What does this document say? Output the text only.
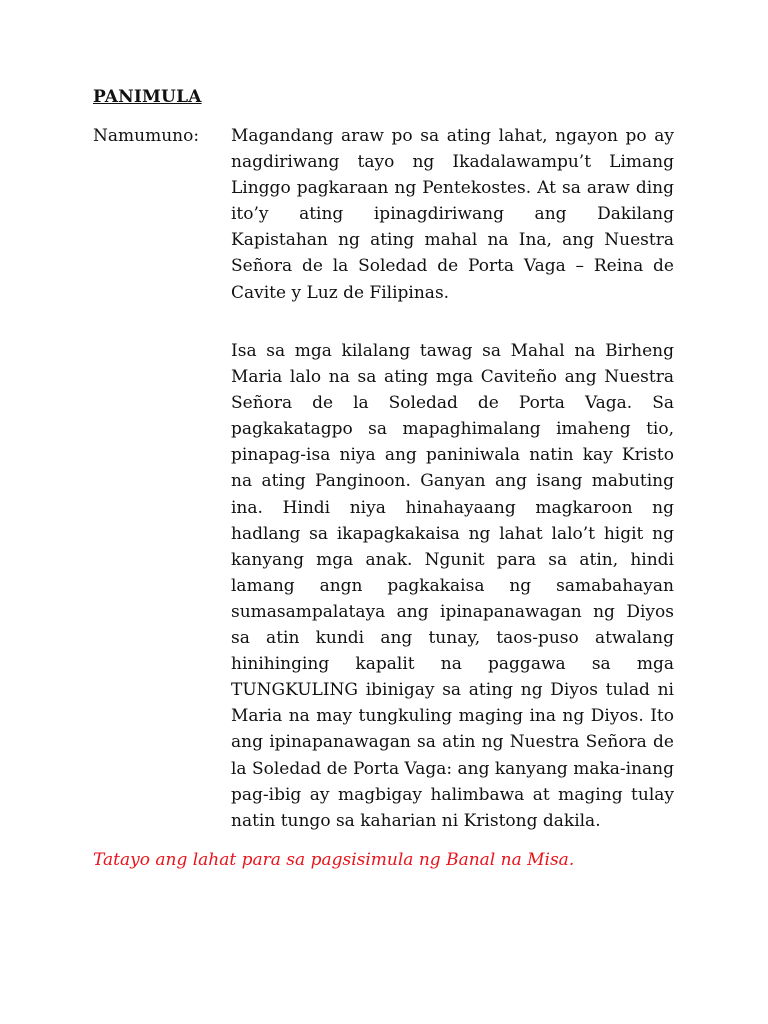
PANIMULA
Namumuno: Magandang araw po sa ating lahat, ngayon po ay nagdiriwang tayo ng Ikadalawampu’t Limang Linggo pagkaraan ng Pentekostes. At sa araw ding ito’y ating ipinagdiriwang ang Dakilang Kapistahan ng ating mahal na Ina, ang Nuestra Señora de la Soledad de Porta Vaga – Reina de Cavite y Luz de Filipinas.

Isa sa mga kilalang tawag sa Mahal na Birheng Maria lalo na sa ating mga Caviteño ang Nuestra Señora de la Soledad de Porta Vaga. Sa pagkakatagpo sa mapaghimalang imaheng tio, pinapag-isa niya ang paniniwala natin kay Kristo na ating Panginoon. Ganyan ang isang mabuting ina. Hindi niya hinahayaang magkaroon ng hadlang sa ikapagkakaisa ng lahat lalo’t higit ng kanyang mga anak. Ngunit para sa atin, hindi lamang angn pagkakaisa ng samabahayan sumasampalataya ang ipinapanawagan ng Diyos sa atin kundi ang tunay, taos-puso atwalang hinihinging kapalit na paggawa sa mga TUNGKULING ibinigay sa ating ng Diyos tulad ni Maria na may tungkuling maging ina ng Diyos. Ito ang ipinapanawagan sa atin ng Nuestra Señora de la Soledad de Porta Vaga: ang kanyang maka-inang pag-ibig ay magbigay halimbawa at maging tulay natin tungo sa kaharian ni Kristong dakila.

Tatayo ang lahat para sa pagsisimula ng Banal na Misa.
